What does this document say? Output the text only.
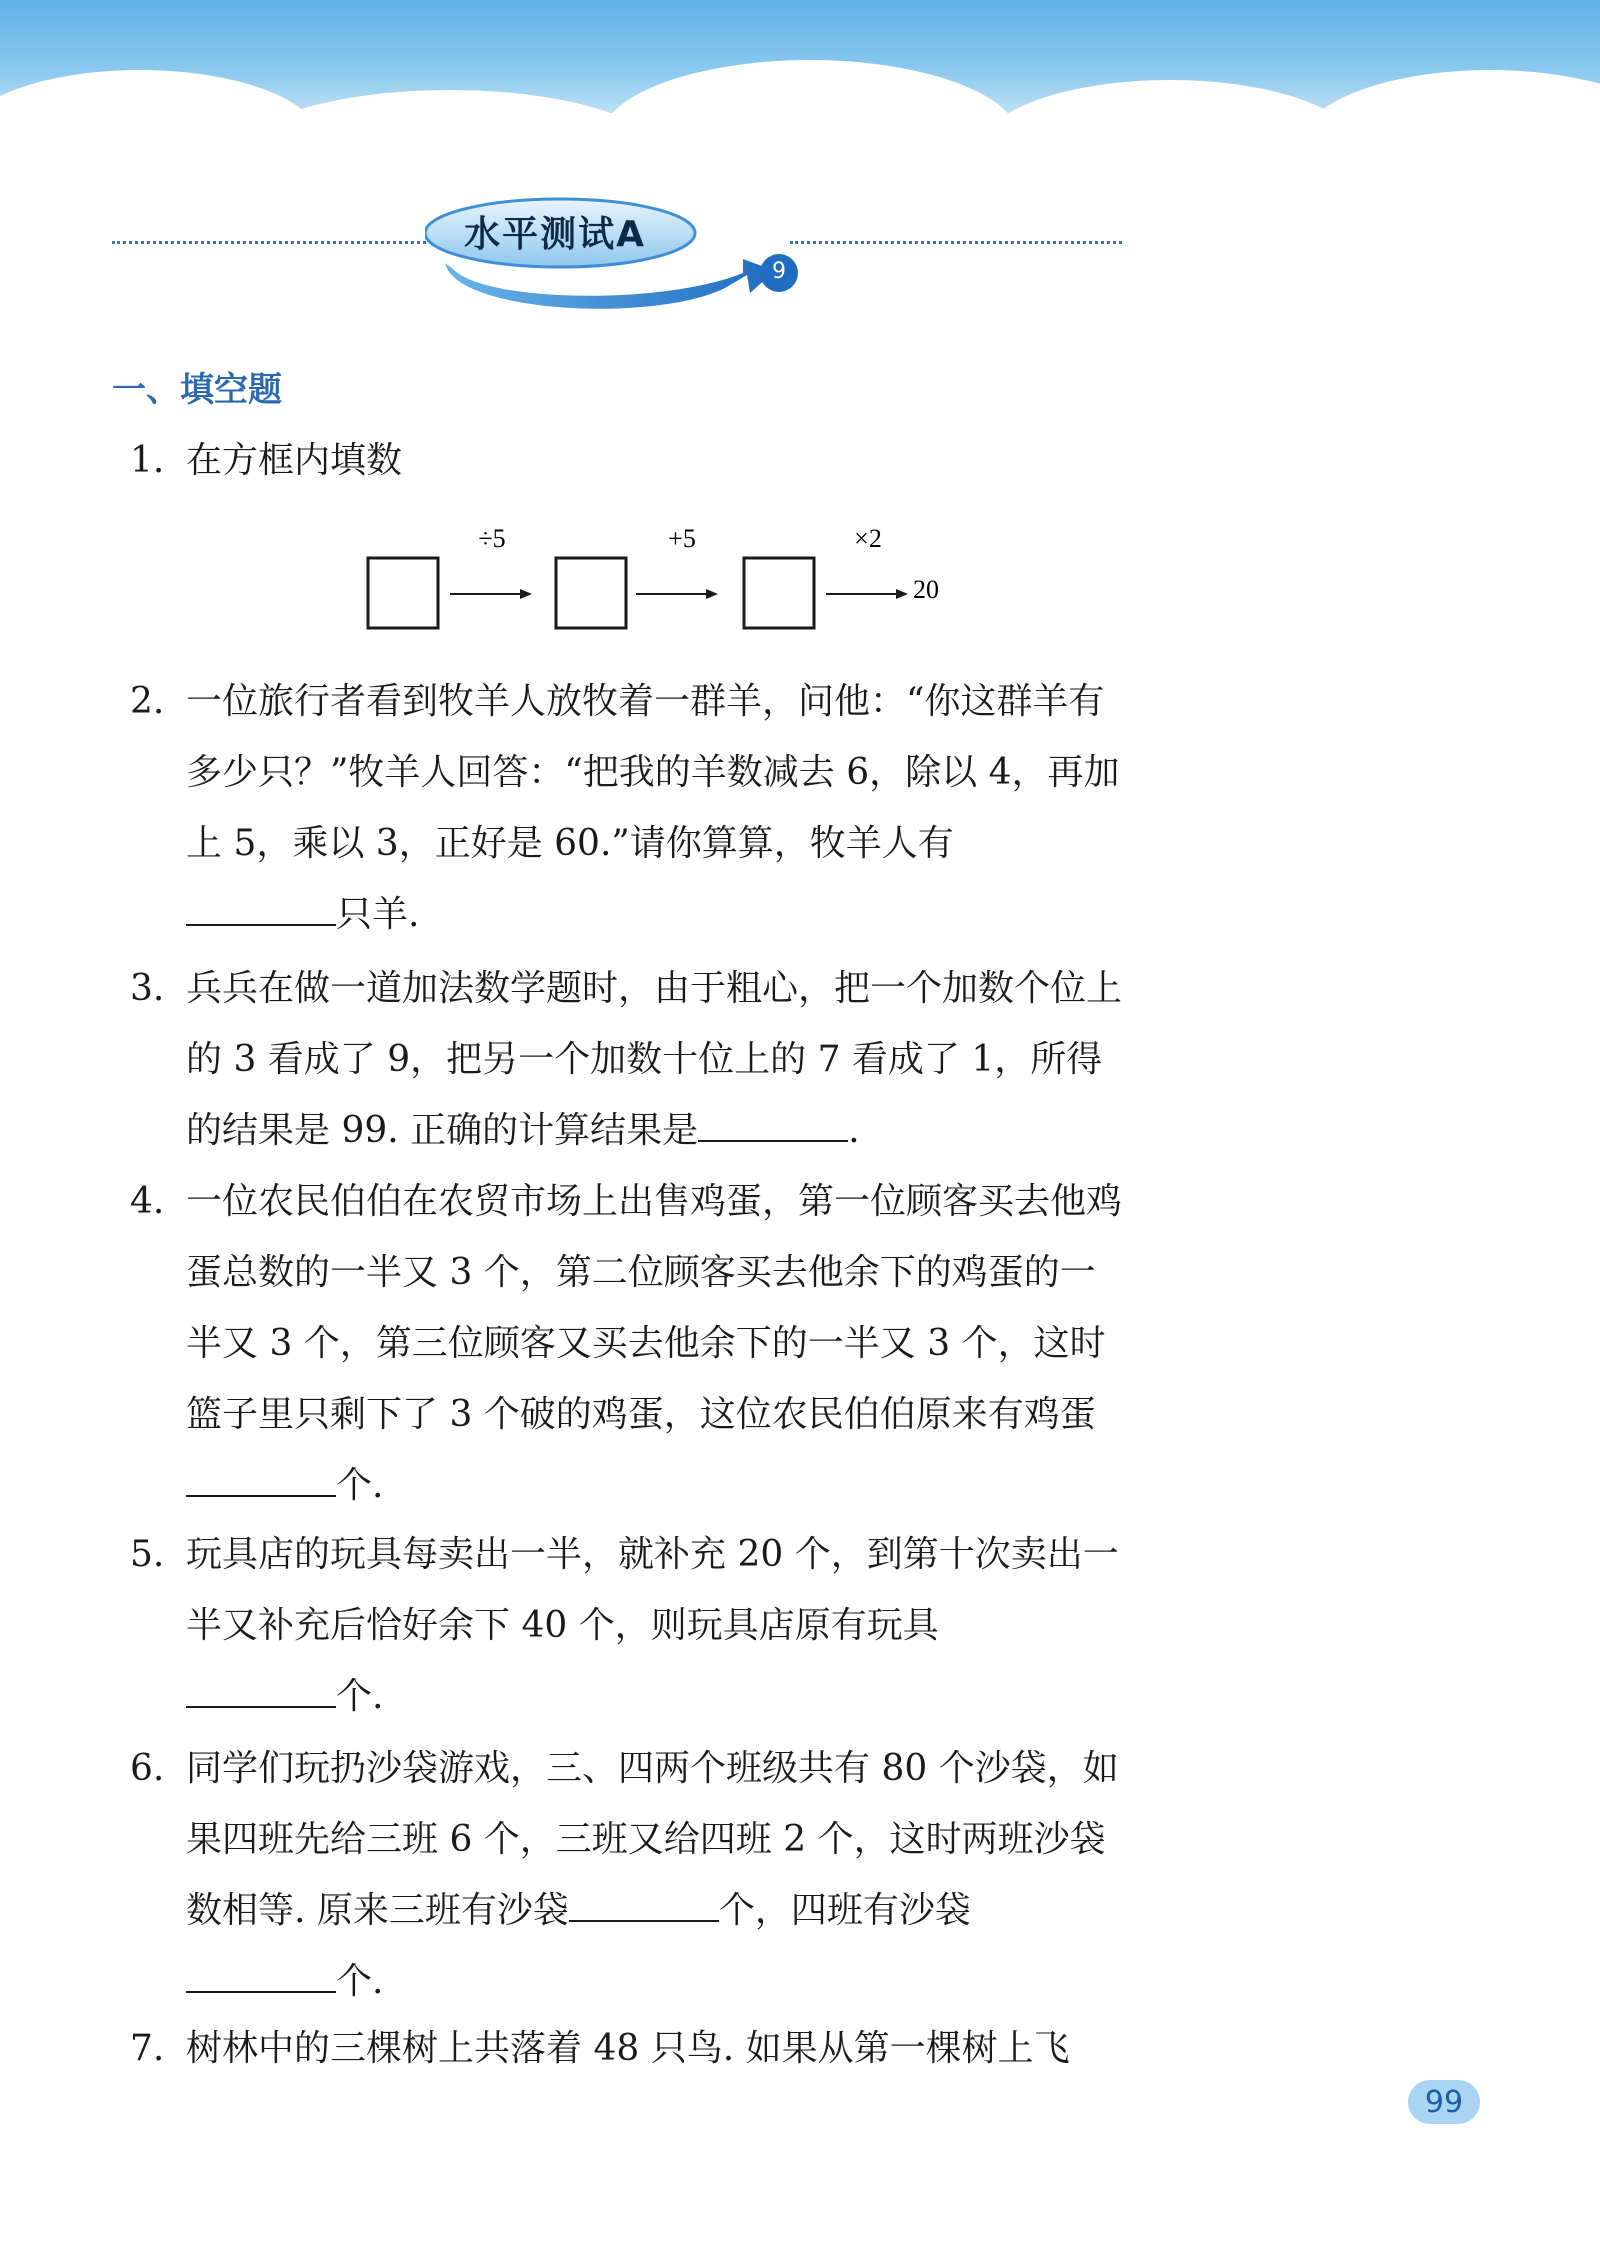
水平测试A
9
一、填空题
1. 在方框内填数
÷5	+5	×2
20
2. 一位旅行者看到牧羊人放牧着一群羊，问他：“你这群羊有多少只？”牧羊人回答：“把我的羊数减去 6，除以 4，再加上 5，乘以 3，正好是 60.”请你算算，牧羊人有
只羊.
3. 兵兵在做一道加法数学题时，由于粗心，把一个加数个位上的 3 看成了 9，把另一个加数十位上的 7 看成了 1，所得的结果是 99. 正确的计算结果是	.
4. 一位农民伯伯在农贸市场上出售鸡蛋，第一位顾客买去他鸡蛋总数的一半又 3 个，第二位顾客买去他余下的鸡蛋的一半又 3 个，第三位顾客又买去他余下的一半又 3 个，这时篮子里只剩下了 3 个破的鸡蛋，这位农民伯伯原来有鸡蛋个.
5. 玩具店的玩具每卖出一半，就补充 20 个，到第十次卖出一半又补充后恰好余下 40 个，则玩具店原有玩具
个.
6. 同学们玩扔沙袋游戏，三、四两个班级共有 80 个沙袋，如果四班先给三班 6 个，三班又给四班 2 个，这时两班沙袋数相等. 原来三班有沙袋	个，四班有沙袋
个.
7. 树林中的三棵树上共落着 48 只鸟. 如果从第一棵树上飞
99
